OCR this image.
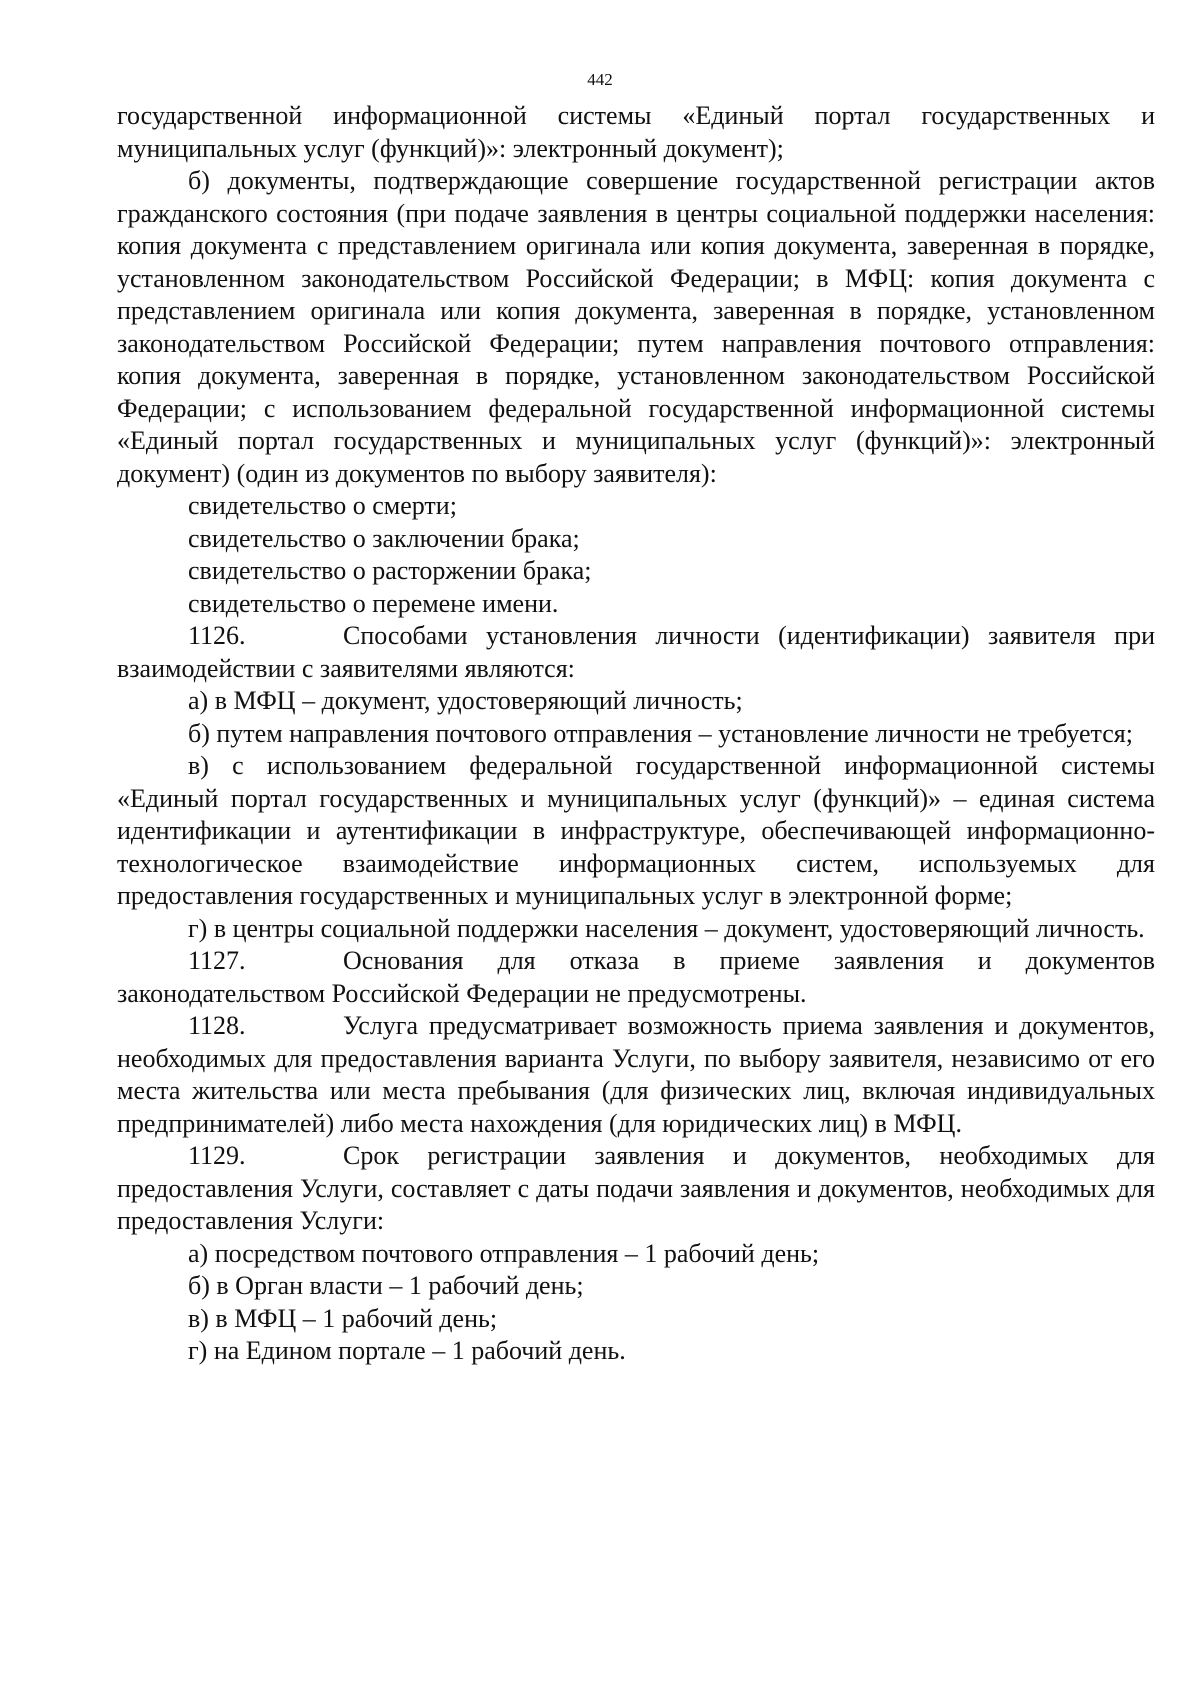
442

государственной информационной системы «Единый портал государственных и муниципальных услуг (функций)»: электронный документ);

б) документы, подтверждающие совершение государственной регистрации актов гражданского состояния (при подаче заявления в центры социальной поддержки населения: копия документа с представлением оригинала или копия документа, заверенная в порядке, установленном законодательством Российской Федерации; в МФЦ: копия документа с представлением оригинала или копия документа, заверенная в порядке, установленном законодательством Российской Федерации; путем направления почтового отправления: копия документа, заверенная в порядке, установленном законодательством Российской Федерации; с использованием федеральной государственной информационной системы «Единый портал государственных и муниципальных услуг (функций)»: электронный документ) (один из документов по выбору заявителя):

свидетельство о смерти;

свидетельство о заключении брака;

свидетельство о расторжении брака;

свидетельство о перемене имени.

1126.	Способами установления личности (идентификации) заявителя при взаимодействии с заявителями являются:

а) в МФЦ – документ, удостоверяющий личность;

б) путем направления почтового отправления – установление личности не требуется;

в) с использованием федеральной государственной информационной системы «Единый портал государственных и муниципальных услуг (функций)» – единая система идентификации и аутентификации в инфраструктуре, обеспечивающей информационно-технологическое взаимодействие информационных систем, используемых для предоставления государственных и муниципальных услуг в электронной форме;

г) в центры социальной поддержки населения – документ, удостоверяющий личность.

1127.	Основания для отказа в приеме заявления и документов законодательством Российской Федерации не предусмотрены.

1128.	Услуга предусматривает возможность приема заявления и документов, необходимых для предоставления варианта Услуги, по выбору заявителя, независимо от его места жительства или места пребывания (для физических лиц, включая индивидуальных предпринимателей) либо места нахождения (для юридических лиц) в МФЦ.

1129.	Срок регистрации заявления и документов, необходимых для предоставления Услуги, составляет с даты подачи заявления и документов, необходимых для предоставления Услуги:

а) посредством почтового отправления – 1 рабочий день;

б) в Орган власти – 1 рабочий день;

в) в МФЦ – 1 рабочий день;

г) на Едином портале – 1 рабочий день.
